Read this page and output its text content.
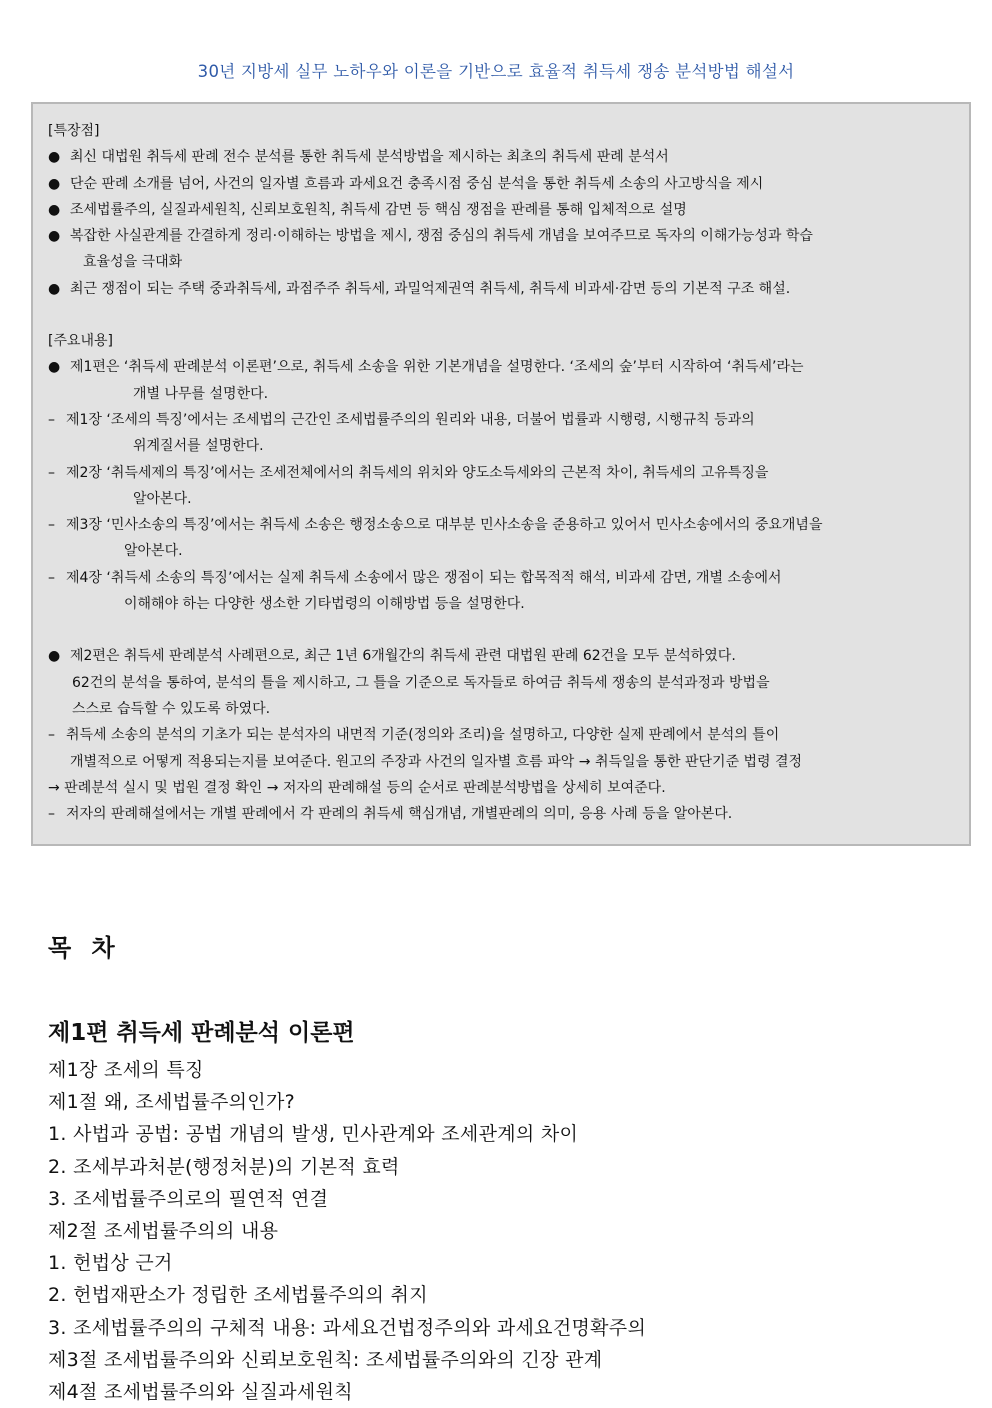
30년 지방세 실무 노하우와 이론을 기반으로 효율적 취득세 쟁송 분석방법 해설서
[특장점]
● 최신 대법원 취득세 판례 전수 분석를 통한 취득세 분석방법을 제시하는 최초의 취득세 판례 분석서
● 단순 판례 소개를 넘어, 사건의 일자별 흐름과 과세요건 충족시점 중심 분석을 통한 취득세 소송의 사고방식을 제시
● 조세법률주의, 실질과세원칙, 신뢰보호원칙, 취득세 감면 등 핵심 쟁점을 판례를 통해 입체적으로 설명
● 복잡한 사실관계를 간결하게 정리·이해하는 방법을 제시, 쟁점 중심의 취득세 개념을 보여주므로 독자의 이해가능성과 학습
효율성을 극대화
● 최근 쟁점이 되는 주택 중과취득세, 과점주주 취득세, 과밀억제권역 취득세, 취득세 비과세·감면 등의 기본적 구조 해설.
[주요내용]
● 제1편은 ‘취득세 판례분석 이론편’으로, 취득세 소송을 위한 기본개념을 설명한다. ‘조세의 숲’부터 시작하여 ‘취득세’라는
개별 나무를 설명한다.
– 제1장 ‘조세의 특징’에서는 조세법의 근간인 조세법률주의의 원리와 내용, 더불어 법률과 시행령, 시행규칙 등과의
위계질서를 설명한다.
– 제2장 ‘취득세제의 특징’에서는 조세전체에서의 취득세의 위치와 양도소득세와의 근본적 차이, 취득세의 고유특징을
알아본다.
– 제3장 ‘민사소송의 특징’에서는 취득세 소송은 행정소송으로 대부분 민사소송을 준용하고 있어서 민사소송에서의 중요개념을
알아본다.
– 제4장 ‘취득세 소송의 특징’에서는 실제 취득세 소송에서 많은 쟁점이 되는 합목적적 해석, 비과세 감면, 개별 소송에서
이해해야 하는 다양한 생소한 기타법령의 이해방법 등을 설명한다.
● 제2편은 취득세 판례분석 사례편으로, 최근 1년 6개월간의 취득세 관련 대법원 판례 62건을 모두 분석하였다.
62건의 분석을 통하여, 분석의 틀을 제시하고, 그 틀을 기준으로 독자들로 하여금 취득세 쟁송의 분석과정과 방법을
스스로 습득할 수 있도록 하였다.
– 취득세 소송의 분석의 기초가 되는 분석자의 내면적 기준(정의와 조리)을 설명하고, 다양한 실제 판례에서 분석의 틀이
개별적으로 어떻게 적용되는지를 보여준다. 원고의 주장과 사건의 일자별 흐름 파악 → 취득일을 통한 판단기준 법령 결정
→ 판례분석 실시 및 법원 결정 확인 → 저자의 판례해설 등의 순서로 판례분석방법을 상세히 보여준다.
– 저자의 판례해설에서는 개별 판례에서 각 판례의 취득세 핵심개념, 개별판례의 의미, 응용 사례 등을 알아본다.
목 차
제1편 취득세 판례분석 이론편
제1장 조세의 특징
제1절 왜, 조세법률주의인가?
1. 사법과 공법: 공법 개념의 발생, 민사관계와 조세관계의 차이
2. 조세부과처분(행정처분)의 기본적 효력
3. 조세법률주의로의 필연적 연결
제2절 조세법률주의의 내용
1. 헌법상 근거
2. 헌법재판소가 정립한 조세법률주의의 취지
3. 조세법률주의의 구체적 내용: 과세요건법정주의와 과세요건명확주의
제3절 조세법률주의와 신뢰보호원칙: 조세법률주의와의 긴장 관계
제4절 조세법률주의와 실질과세원칙
